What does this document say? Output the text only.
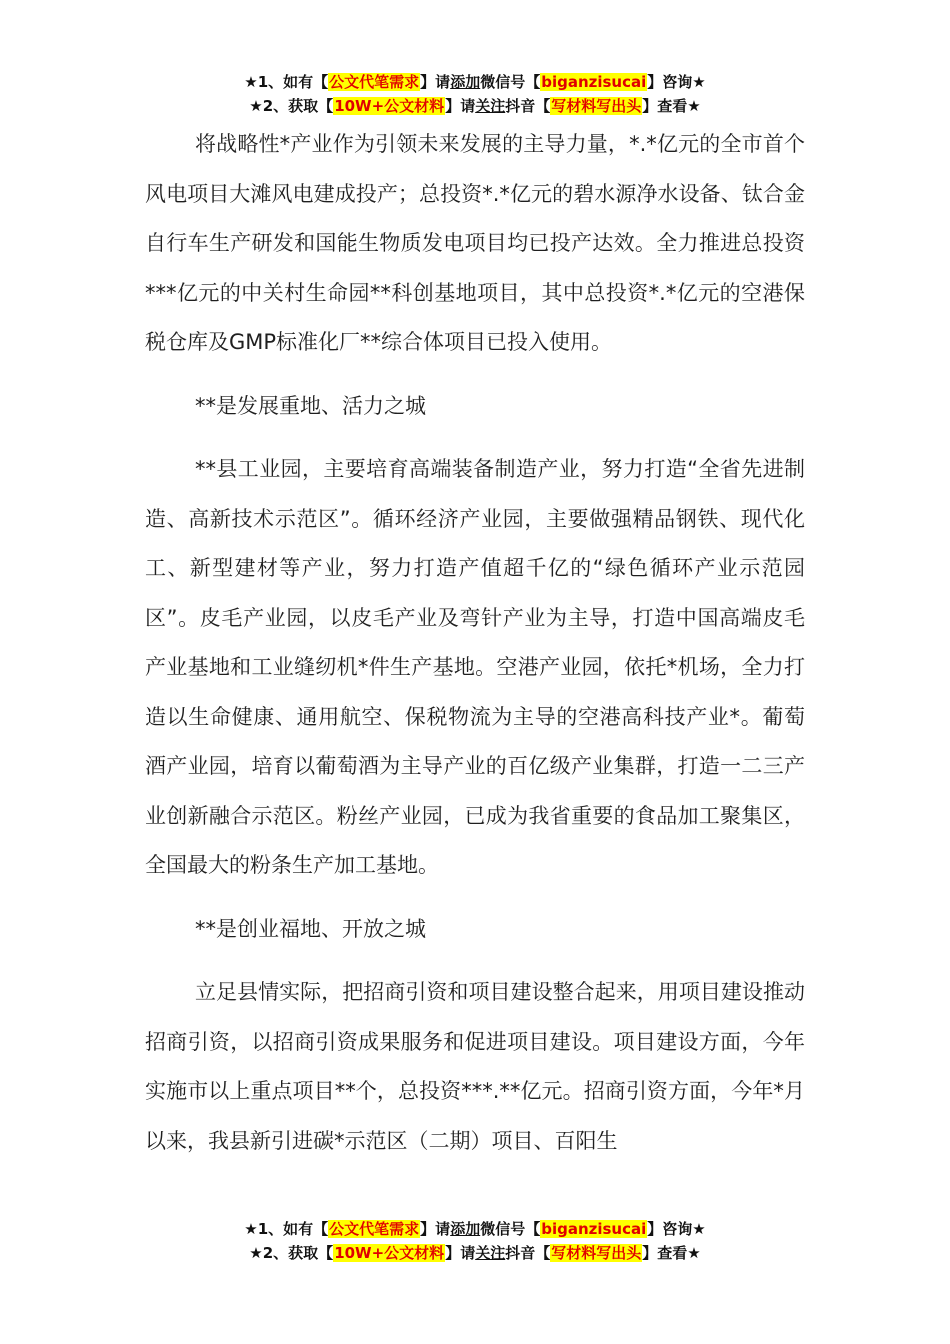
★1、如有【公文代笔需求】请添加微信号【biganzisucai】咨询★
★2、获取【10W+公文材料】请关注抖音【写材料写出头】查看★

将战略性*产业作为引领未来发展的主导力量，*.*亿元的全市首个风电项目大滩风电建成投产；总投资*.*亿元的碧水源净水设备、钛合金自行车生产研发和国能生物质发电项目均已投产达效。全力推进总投资***亿元的中关村生命园**科创基地项目，其中总投资*.*亿元的空港保税仓库及GMP标准化厂**综合体项目已投入使用。

**是发展重地、活力之城

**县工业园，主要培育高端装备制造产业，努力打造“全省先进制造、高新技术示范区”。循环经济产业园，主要做强精品钢铁、现代化工、新型建材等产业，努力打造产值超千亿的“绿色循环产业示范园区”。皮毛产业园，以皮毛产业及弯针产业为主导，打造中国高端皮毛产业基地和工业缝纫机*件生产基地。空港产业园，依托*机场，全力打造以生命健康、通用航空、保税物流为主导的空港高科技产业*。葡萄酒产业园，培育以葡萄酒为主导产业的百亿级产业集群，打造一二三产业创新融合示范区。粉丝产业园，已成为我省重要的食品加工聚集区，全国最大的粉条生产加工基地。

**是创业福地、开放之城

立足县情实际，把招商引资和项目建设整合起来，用项目建设推动招商引资，以招商引资成果服务和促进项目建设。项目建设方面，今年实施市以上重点项目**个，总投资***.**亿元。招商引资方面，今年*月以来，我县新引进碳*示范区（二期）项目、百阳生

★1、如有【公文代笔需求】请添加微信号【biganzisucai】咨询★
★2、获取【10W+公文材料】请关注抖音【写材料写出头】查看★
